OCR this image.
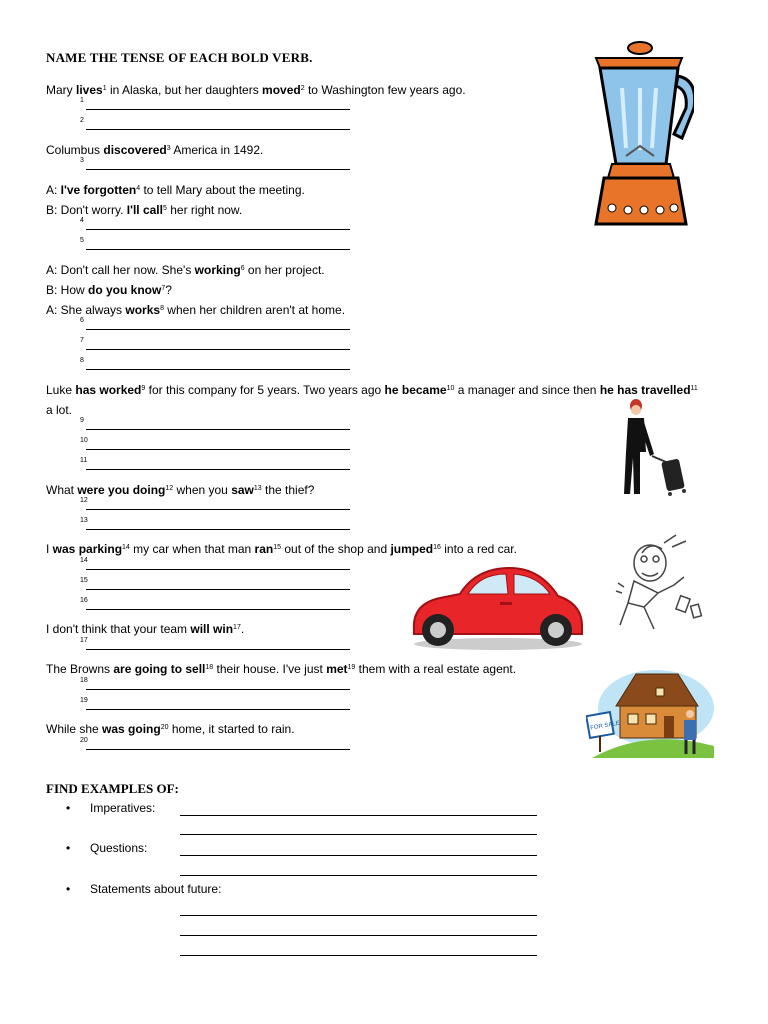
NAME THE TENSE OF EACH BOLD VERB.
Mary lives$^1$ in Alaska, but her daughters moved$^2$ to Washington few years ago.
Columbus discovered$^3$ America in 1492.
A: I've forgotten$^4$ to tell Mary about the meeting.
B: Don't worry. I'll call$^5$ her right now.
A: Don't call her now. She's working$^6$ on her project.
B: How do you know$^7$?
A: She always works$^8$ when her children aren't at home.
Luke has worked$^9$ for this company for 5 years. Two years ago he became$^{10}$ a manager and since then he has travelled$^{11}$
a lot.
What were you doing$^{12}$ when you saw$^{13}$ the thief?
I was parking$^{14}$ my car when that man ran$^{15}$ out of the shop and jumped$^{16}$ into a red car.
I don't think that your team will win$^{17}$.
The Browns are going to sell$^{18}$ their house. I've just met$^{19}$ them with a real estate agent.
While she was going$^{20}$ home, it started to rain.
1
2
3
4
5
6
7
8
9
10
11
12
13
14
15
16
17
18
19
20
FIND EXAMPLES OF:
• Imperatives:
• Questions:
• Statements about future:
FOR SALE
